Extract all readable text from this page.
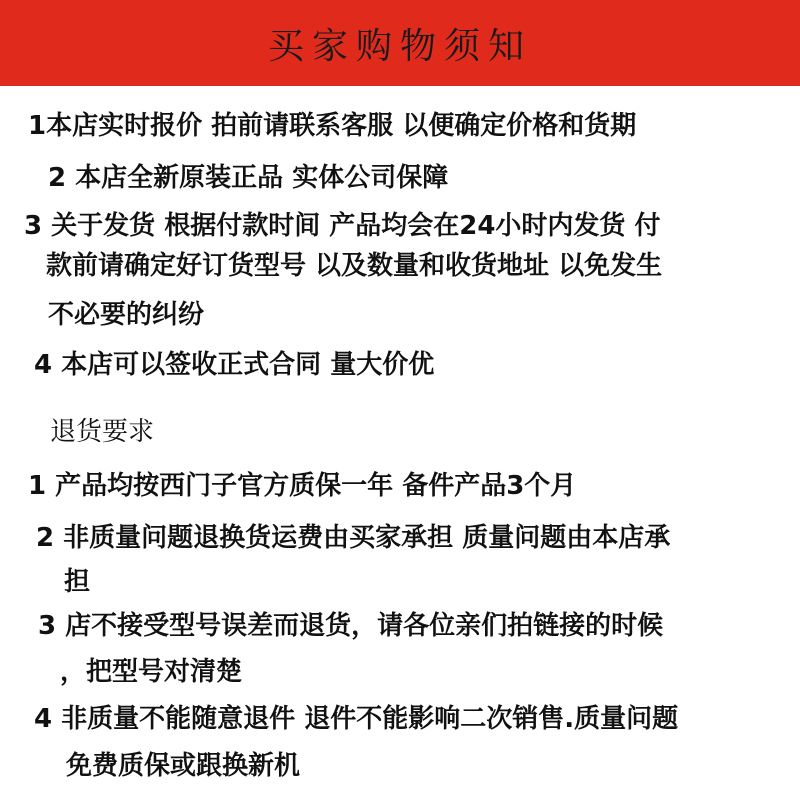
买家购物须知
1本店实时报价 拍前请联系客服 以便确定价格和货期
2 本店全新原装正品 实体公司保障
3 关于发货 根据付款时间 产品均会在24小时内发货 付
款前请确定好订货型号 以及数量和收货地址 以免发生
不必要的纠纷
4 本店可以签收正式合同 量大价优
退货要求
1 产品均按西门子官方质保一年 备件产品3个月
2 非质量问题退换货运费由买家承担 质量问题由本店承
担
3 店不接受型号误差而退货，请各位亲们拍链接的时候
，把型号对清楚
4 非质量不能随意退件 退件不能影响二次销售.质量问题
免费质保或跟换新机
